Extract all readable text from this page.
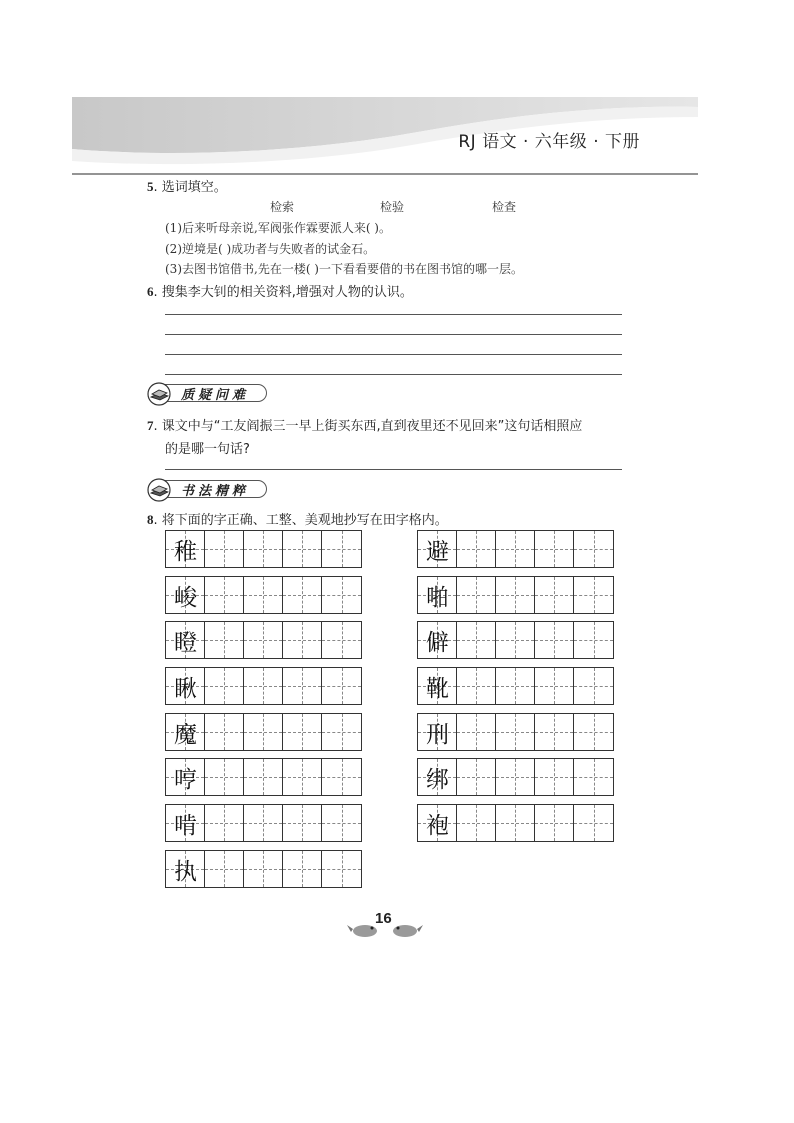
RJ 语文 · 六年级 · 下册
5. 选词填空。
检索	检验	检查
(1)后来听母亲说,军阀张作霖要派人来( )。
(2)逆境是( )成功者与失败者的试金石。
(3)去图书馆借书,先在一楼( )一下看看要借的书在图书馆的哪一层。
6. 搜集李大钊的相关资料,增强对人物的认识。
质疑问难
7. 课文中与“工友阎振三一早上街买东西,直到夜里还不见回来”这句话相照应
的是哪一句话?
书法精粹
8. 将下面的字正确、工整、美观地抄写在田字格内。
稚
峻
瞪
瞅
魔
哼
啃
执
避
啪
僻
靴
刑
绑
袍
16
